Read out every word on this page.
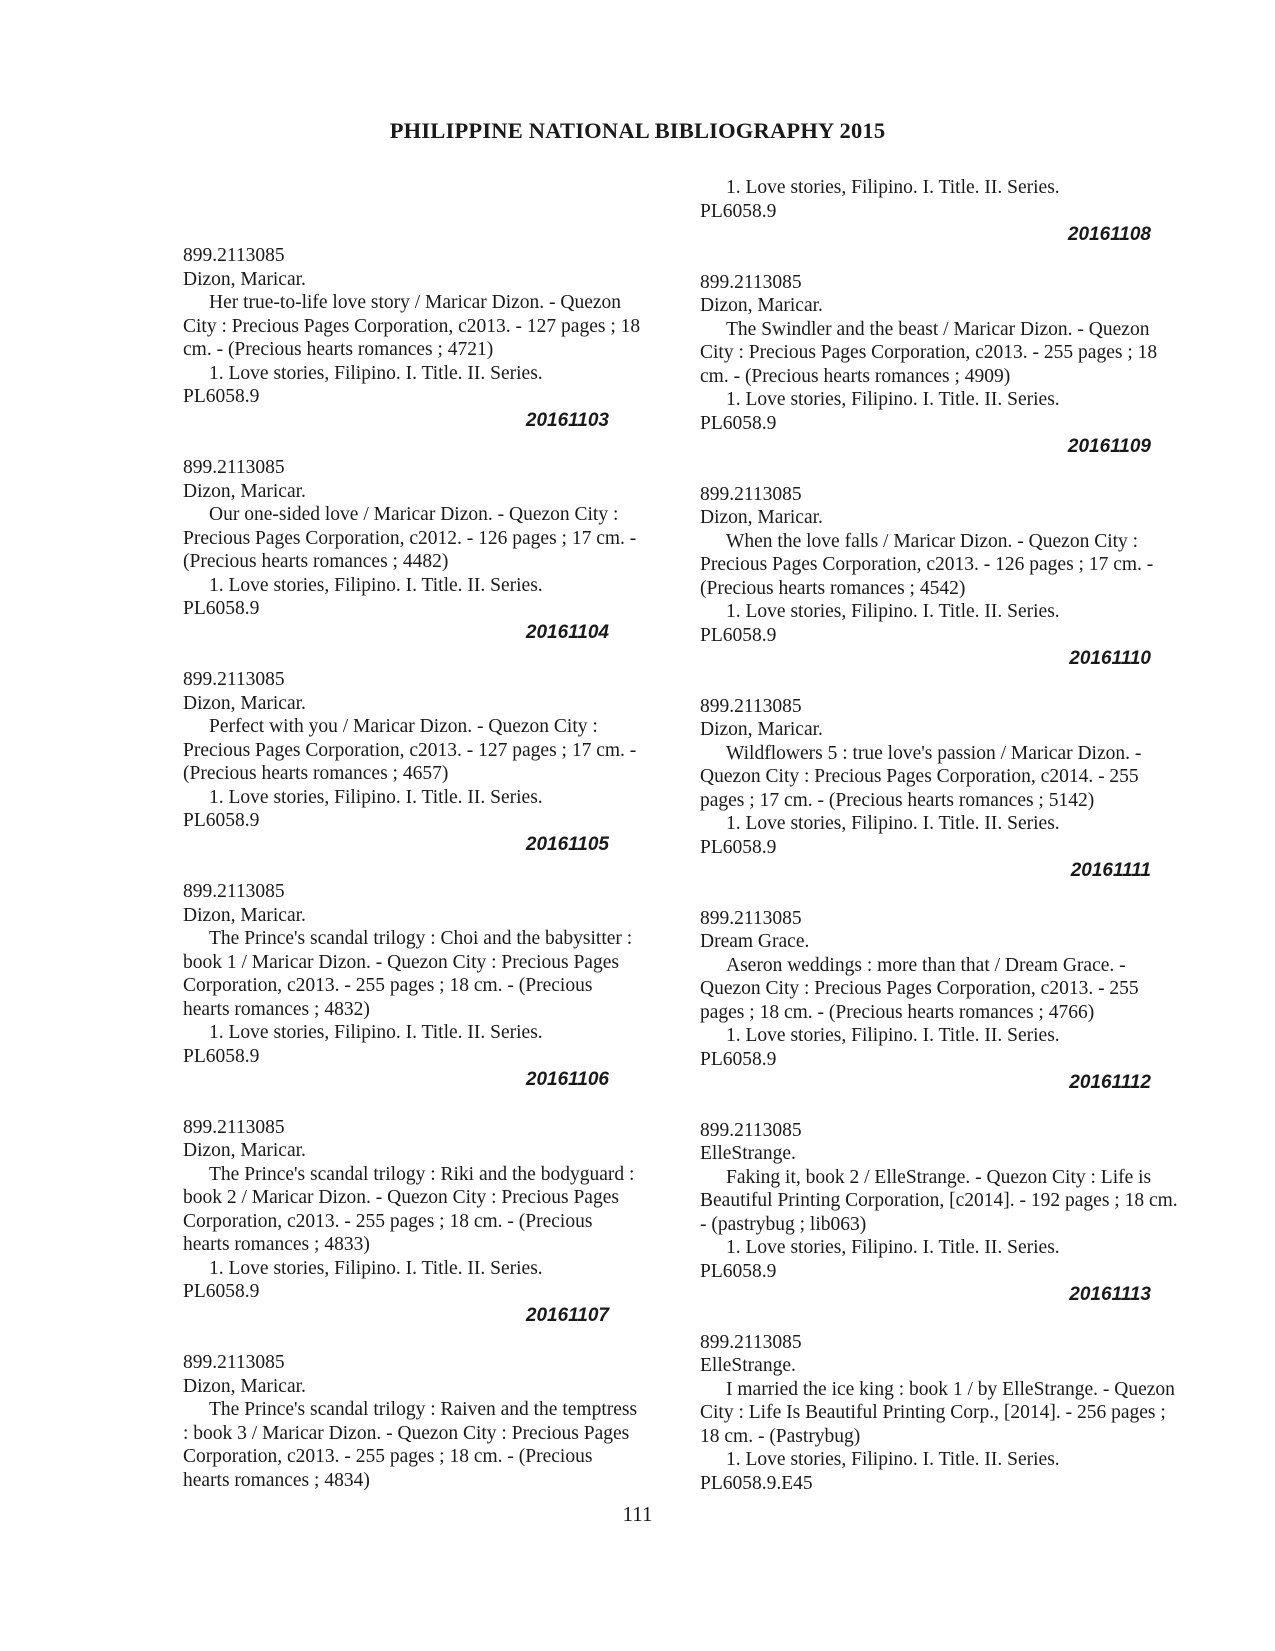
PHILIPPINE NATIONAL BIBLIOGRAPHY 2015
899.2113085
Dizon, Maricar.
Her true-to-life love story / Maricar Dizon. - Quezon City : Precious Pages Corporation, c2013. - 127 pages ; 18 cm. - (Precious hearts romances ; 4721)
1. Love stories, Filipino. I. Title. II. Series.
PL6058.9
20161103
899.2113085
Dizon, Maricar.
Our one-sided love / Maricar Dizon. - Quezon City : Precious Pages Corporation, c2012. - 126 pages ; 17 cm. - (Precious hearts romances ; 4482)
1. Love stories, Filipino. I. Title. II. Series.
PL6058.9
20161104
899.2113085
Dizon, Maricar.
Perfect with you / Maricar Dizon. - Quezon City : Precious Pages Corporation, c2013. - 127 pages ; 17 cm. - (Precious hearts romances ; 4657)
1. Love stories, Filipino. I. Title. II. Series.
PL6058.9
20161105
899.2113085
Dizon, Maricar.
The Prince's scandal trilogy : Choi and the babysitter : book 1 / Maricar Dizon. - Quezon City : Precious Pages Corporation, c2013. - 255 pages ; 18 cm. - (Precious hearts romances ; 4832)
1. Love stories, Filipino. I. Title. II. Series.
PL6058.9
20161106
899.2113085
Dizon, Maricar.
The Prince's scandal trilogy : Riki and the bodyguard : book 2 / Maricar Dizon. - Quezon City : Precious Pages Corporation, c2013. - 255 pages ; 18 cm. - (Precious hearts romances ; 4833)
1. Love stories, Filipino. I. Title. II. Series.
PL6058.9
20161107
899.2113085
Dizon, Maricar.
The Prince's scandal trilogy : Raiven and the temptress : book 3 / Maricar Dizon. - Quezon City : Precious Pages Corporation, c2013. - 255 pages ; 18 cm. - (Precious hearts romances ; 4834)
1. Love stories, Filipino. I. Title. II. Series.
PL6058.9
20161108
899.2113085
Dizon, Maricar.
The Swindler and the beast / Maricar Dizon. - Quezon City : Precious Pages Corporation, c2013. - 255 pages ; 18 cm. - (Precious hearts romances ; 4909)
1. Love stories, Filipino. I. Title. II. Series.
PL6058.9
20161109
899.2113085
Dizon, Maricar.
When the love falls / Maricar Dizon. - Quezon City : Precious Pages Corporation, c2013. - 126 pages ; 17 cm. - (Precious hearts romances ; 4542)
1. Love stories, Filipino. I. Title. II. Series.
PL6058.9
20161110
899.2113085
Dizon, Maricar.
Wildflowers 5 : true love's passion / Maricar Dizon. - Quezon City : Precious Pages Corporation, c2014. - 255 pages ; 17 cm. - (Precious hearts romances ; 5142)
1. Love stories, Filipino. I. Title. II. Series.
PL6058.9
20161111
899.2113085
Dream Grace.
Aseron weddings : more than that / Dream Grace. - Quezon City : Precious Pages Corporation, c2013. - 255 pages ; 18 cm. - (Precious hearts romances ; 4766)
1. Love stories, Filipino. I. Title. II. Series.
PL6058.9
20161112
899.2113085
ElleStrange.
Faking it, book 2 / ElleStrange. - Quezon City : Life is Beautiful Printing Corporation, [c2014]. - 192 pages ; 18 cm. - (pastrybug ; lib063)
1. Love stories, Filipino. I. Title. II. Series.
PL6058.9
20161113
899.2113085
ElleStrange.
I married the ice king : book 1 / by ElleStrange. - Quezon City : Life Is Beautiful Printing Corp., [2014]. - 256 pages ; 18 cm. - (Pastrybug)
1. Love stories, Filipino. I. Title. II. Series.
PL6058.9.E45
111
